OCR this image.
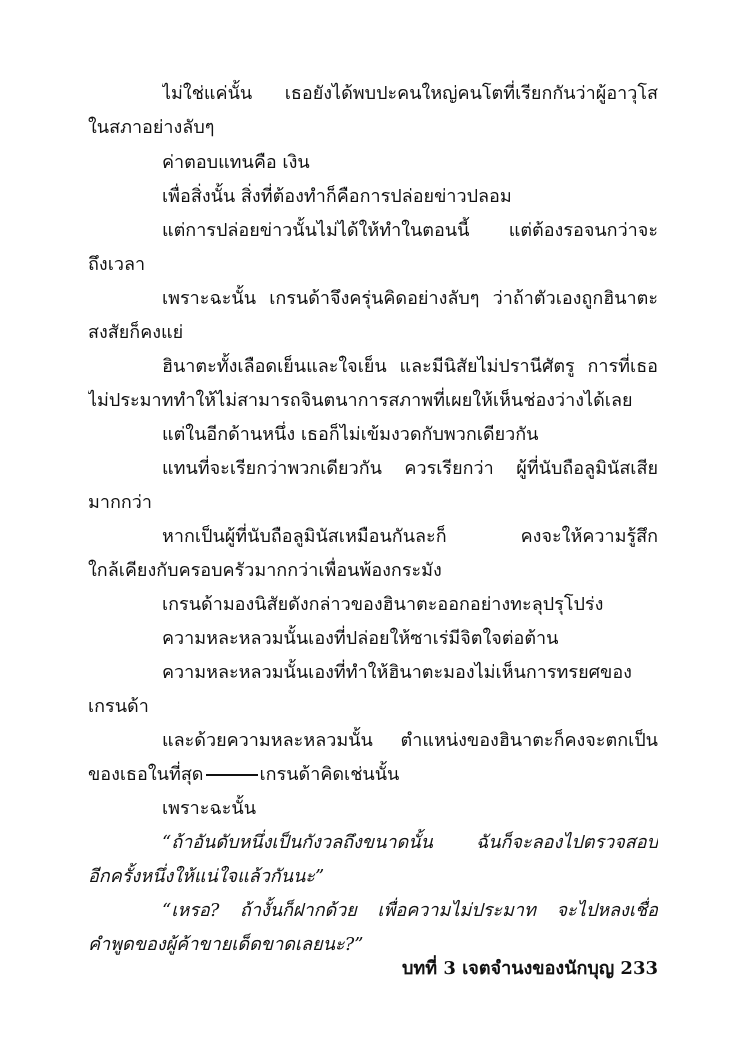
ไม่ใช่แค่นั้น เธอยังได้พบปะคนใหญ่คนโตที่เรียกกันว่าผู้อาวุโส
ในสภาอย่างลับๆ
ค่าตอบแทนคือ เงิน
เพื่อสิ่งนั้น สิ่งที่ต้องทำก็คือการปล่อยข่าวปลอม
แต่การปล่อยข่าวนั้นไม่ได้ให้ทำในตอนนี้ แต่ต้องรอจนกว่าจะ
ถึงเวลา
เพราะฉะนั้น เกรนด้าจึงครุ่นคิดอย่างลับๆ ว่าถ้าตัวเองถูกฮินาตะ
สงสัยก็คงแย่
ฮินาตะทั้งเลือดเย็นและใจเย็น และมีนิสัยไม่ปรานีศัตรู การที่เธอ
ไม่ประมาททำให้ไม่สามารถจินตนาการสภาพที่เผยให้เห็นช่องว่างได้เลย
แต่ในอีกด้านหนึ่ง เธอก็ไม่เข้มงวดกับพวกเดียวกัน
แทนที่จะเรียกว่าพวกเดียวกัน ควรเรียกว่า ผู้ที่นับถือลูมินัสเสีย
มากกว่า
หากเป็นผู้ที่นับถือลูมินัสเหมือนกันละก็ คงจะให้ความรู้สึก
ใกล้เคียงกับครอบครัวมากกว่าเพื่อนพ้องกระมัง
เกรนด้ามองนิสัยดังกล่าวของฮินาตะออกอย่างทะลุปรุโปร่ง
ความหละหลวมนั้นเองที่ปล่อยให้ซาเร่มีจิตใจต่อต้าน
ความหละหลวมนั้นเองที่ทำให้ฮินาตะมองไม่เห็นการทรยศของ
เกรนด้า
และด้วยความหละหลวมนั้น ตำแหน่งของฮินาตะก็คงจะตกเป็น
ของเธอในที่สุด	เกรนด้าคิดเช่นนั้น
เพราะฉะนั้น
“ถ้าอันดับหนึ่งเป็นกังวลถึงขนาดนั้น ฉันก็จะลองไปตรวจสอบ
อีกครั้งหนึ่งให้แน่ใจแล้วกันนะ”
“เหรอ? ถ้างั้นก็ฝากด้วย เพื่อความไม่ประมาท จะไปหลงเชื่อ
คำพูดของผู้ค้าขายเด็ดขาดเลยนะ?”
บทที่ 3 เจตจำนงของนักบุญ 233
